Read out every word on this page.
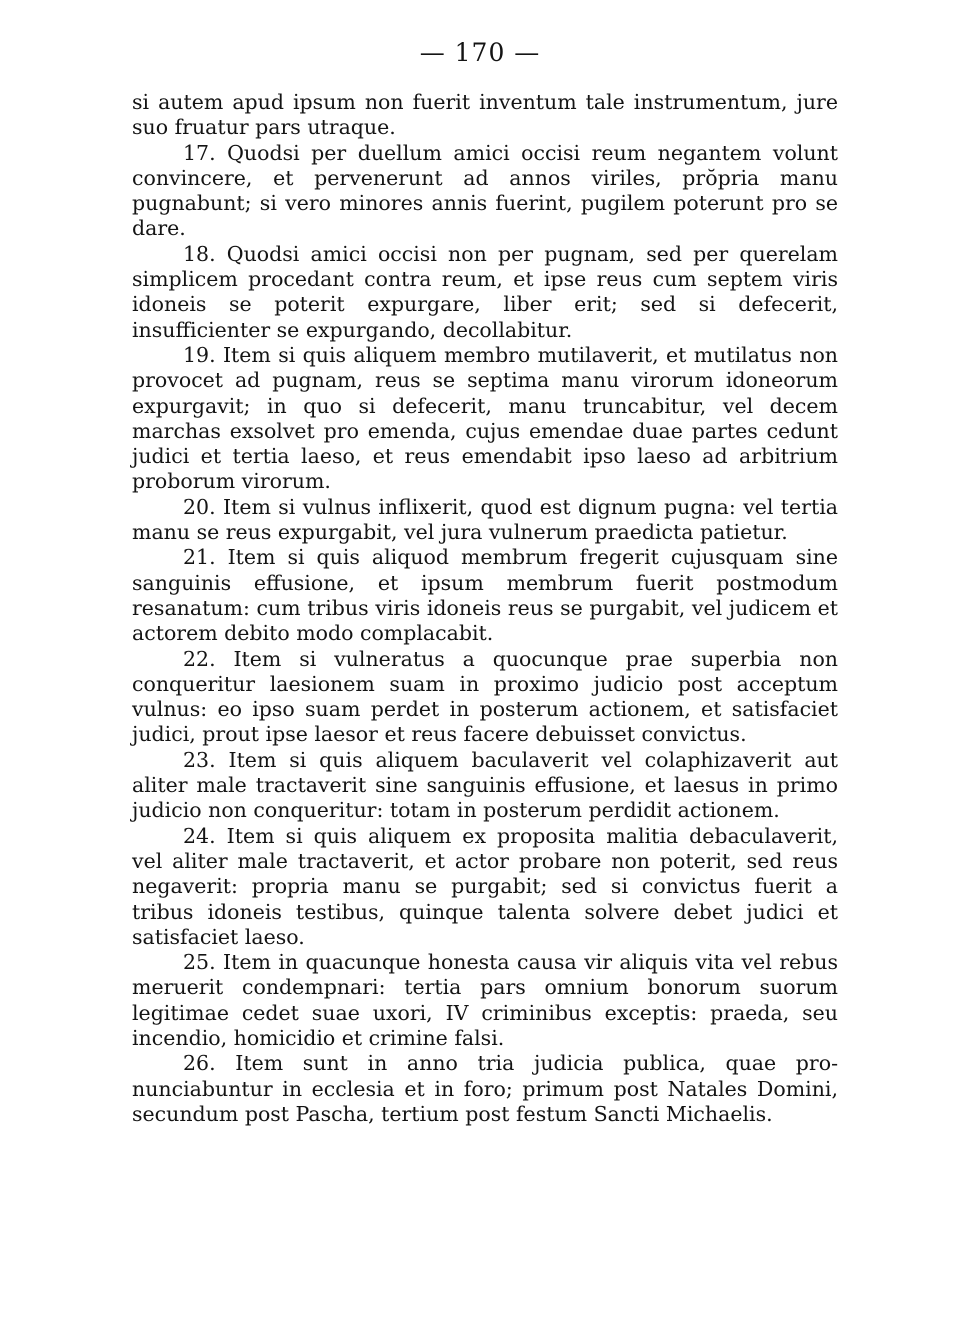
— 170 —

si autem apud ipsum non fuerit inventum tale instrumentum, jure suo fruatur pars utraque.

17. Quodsi per duellum amici occisi reum negantem volunt convincere, et pervenerunt ad annos viriles, prŏpria manu pugnabunt; si vero minores annis fuerint, pugilem poterunt pro se dare.

18. Quodsi amici occisi non per pugnam, sed per querelam simplicem procedant contra reum, et ipse reus cum septem viris idoneis se poterit expurgare, liber erit; sed si defecerit, insufficienter se expurgando, decollabitur.

19. Item si quis aliquem membro mutilaverit, et mutilatus non provocet ad pugnam, reus se septima manu virorum idoneorum expurgavit; in quo si defecerit, manu truncabitur, vel decem marchas exsolvet pro emenda, cujus emendae duae partes cedunt judici et tertia laeso, et reus emendabit ipso laeso ad arbitrium proborum virorum.

20. Item si vulnus inflixerit, quod est dignum pugna: vel tertia manu se reus expurgabit, vel jura vulnerum praedicta patietur.

21. Item si quis aliquod membrum fregerit cujusquam sine sanguinis effusione, et ipsum membrum fuerit postmodum resanatum: cum tribus viris idoneis reus se purgabit, vel judicem et actorem debito modo complacabit.

22. Item si vulneratus a quocunque prae superbia non conqueritur laesionem suam in proximo judicio post acceptum vulnus: eo ipso suam perdet in posterum actionem, et satisfaciet judici, prout ipse laesor et reus facere debuisset convictus.

23. Item si quis aliquem baculaverit vel colaphizaverit aut aliter male tractaverit sine sanguinis effusione, et laesus in primo judicio non conqueritur: totam in posterum perdidit actionem.

24. Item si quis aliquem ex proposita malitia debaculaverit, vel aliter male tractaverit, et actor probare non poterit, sed reus negaverit: propria manu se purgabit; sed si convictus fuerit a tribus idoneis testibus, quinque talenta solvere debet judici et satisfaciet laeso.

25. Item in quacunque honesta causa vir aliquis vita vel rebus meruerit condempnari: tertia pars omnium bonorum suorum legitimae cedet suae uxori, IV criminibus exceptis: praeda, seu incendio, homicidio et crimine falsi.

26. Item sunt in anno tria judicia publica, quae pronunciabuntur in ecclesia et in foro; primum post Natales Domini, secundum post Pascha, tertium post festum Sancti Michaelis.
